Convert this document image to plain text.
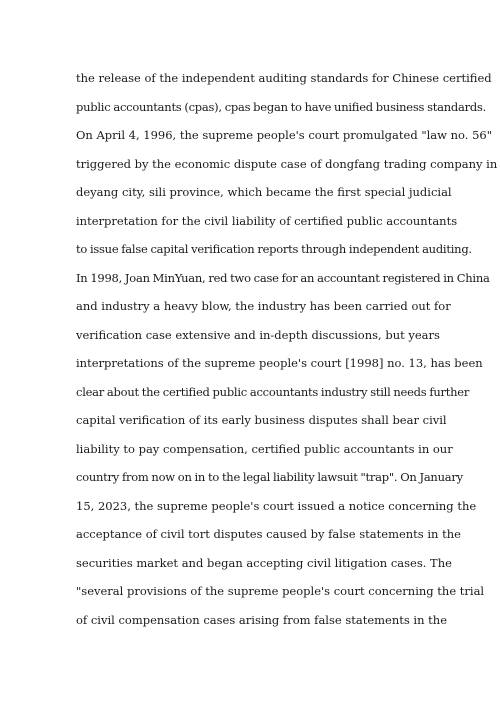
the release of the independent auditing standards for Chinese certified
public accountants (cpas), cpas began to have unified business standards.
On April 4, 1996, the supreme people's court promulgated "law no. 56"
triggered by the economic dispute case of dongfang trading company in
deyang city, sili province, which became the first special judicial
interpretation for the civil liability of certified public accountants
to issue false capital verification reports through independent auditing.
In 1998, Joan MinYuan, red two case for an accountant registered in China
and industry a heavy blow, the industry has been carried out for
verification case extensive and in-depth discussions, but years
interpretations of the supreme people's court [1998] no. 13, has been
clear about the certified public accountants industry still needs further
capital verification of its early business disputes shall bear civil
liability to pay compensation, certified public accountants in our
country from now on in to the legal liability lawsuit "trap". On January
15, 2023, the supreme people's court issued a notice concerning the
acceptance of civil tort disputes caused by false statements in the
securities market and began accepting civil litigation cases. The
"several provisions of the supreme people's court concerning the trial
of civil compensation cases arising from false statements in the
